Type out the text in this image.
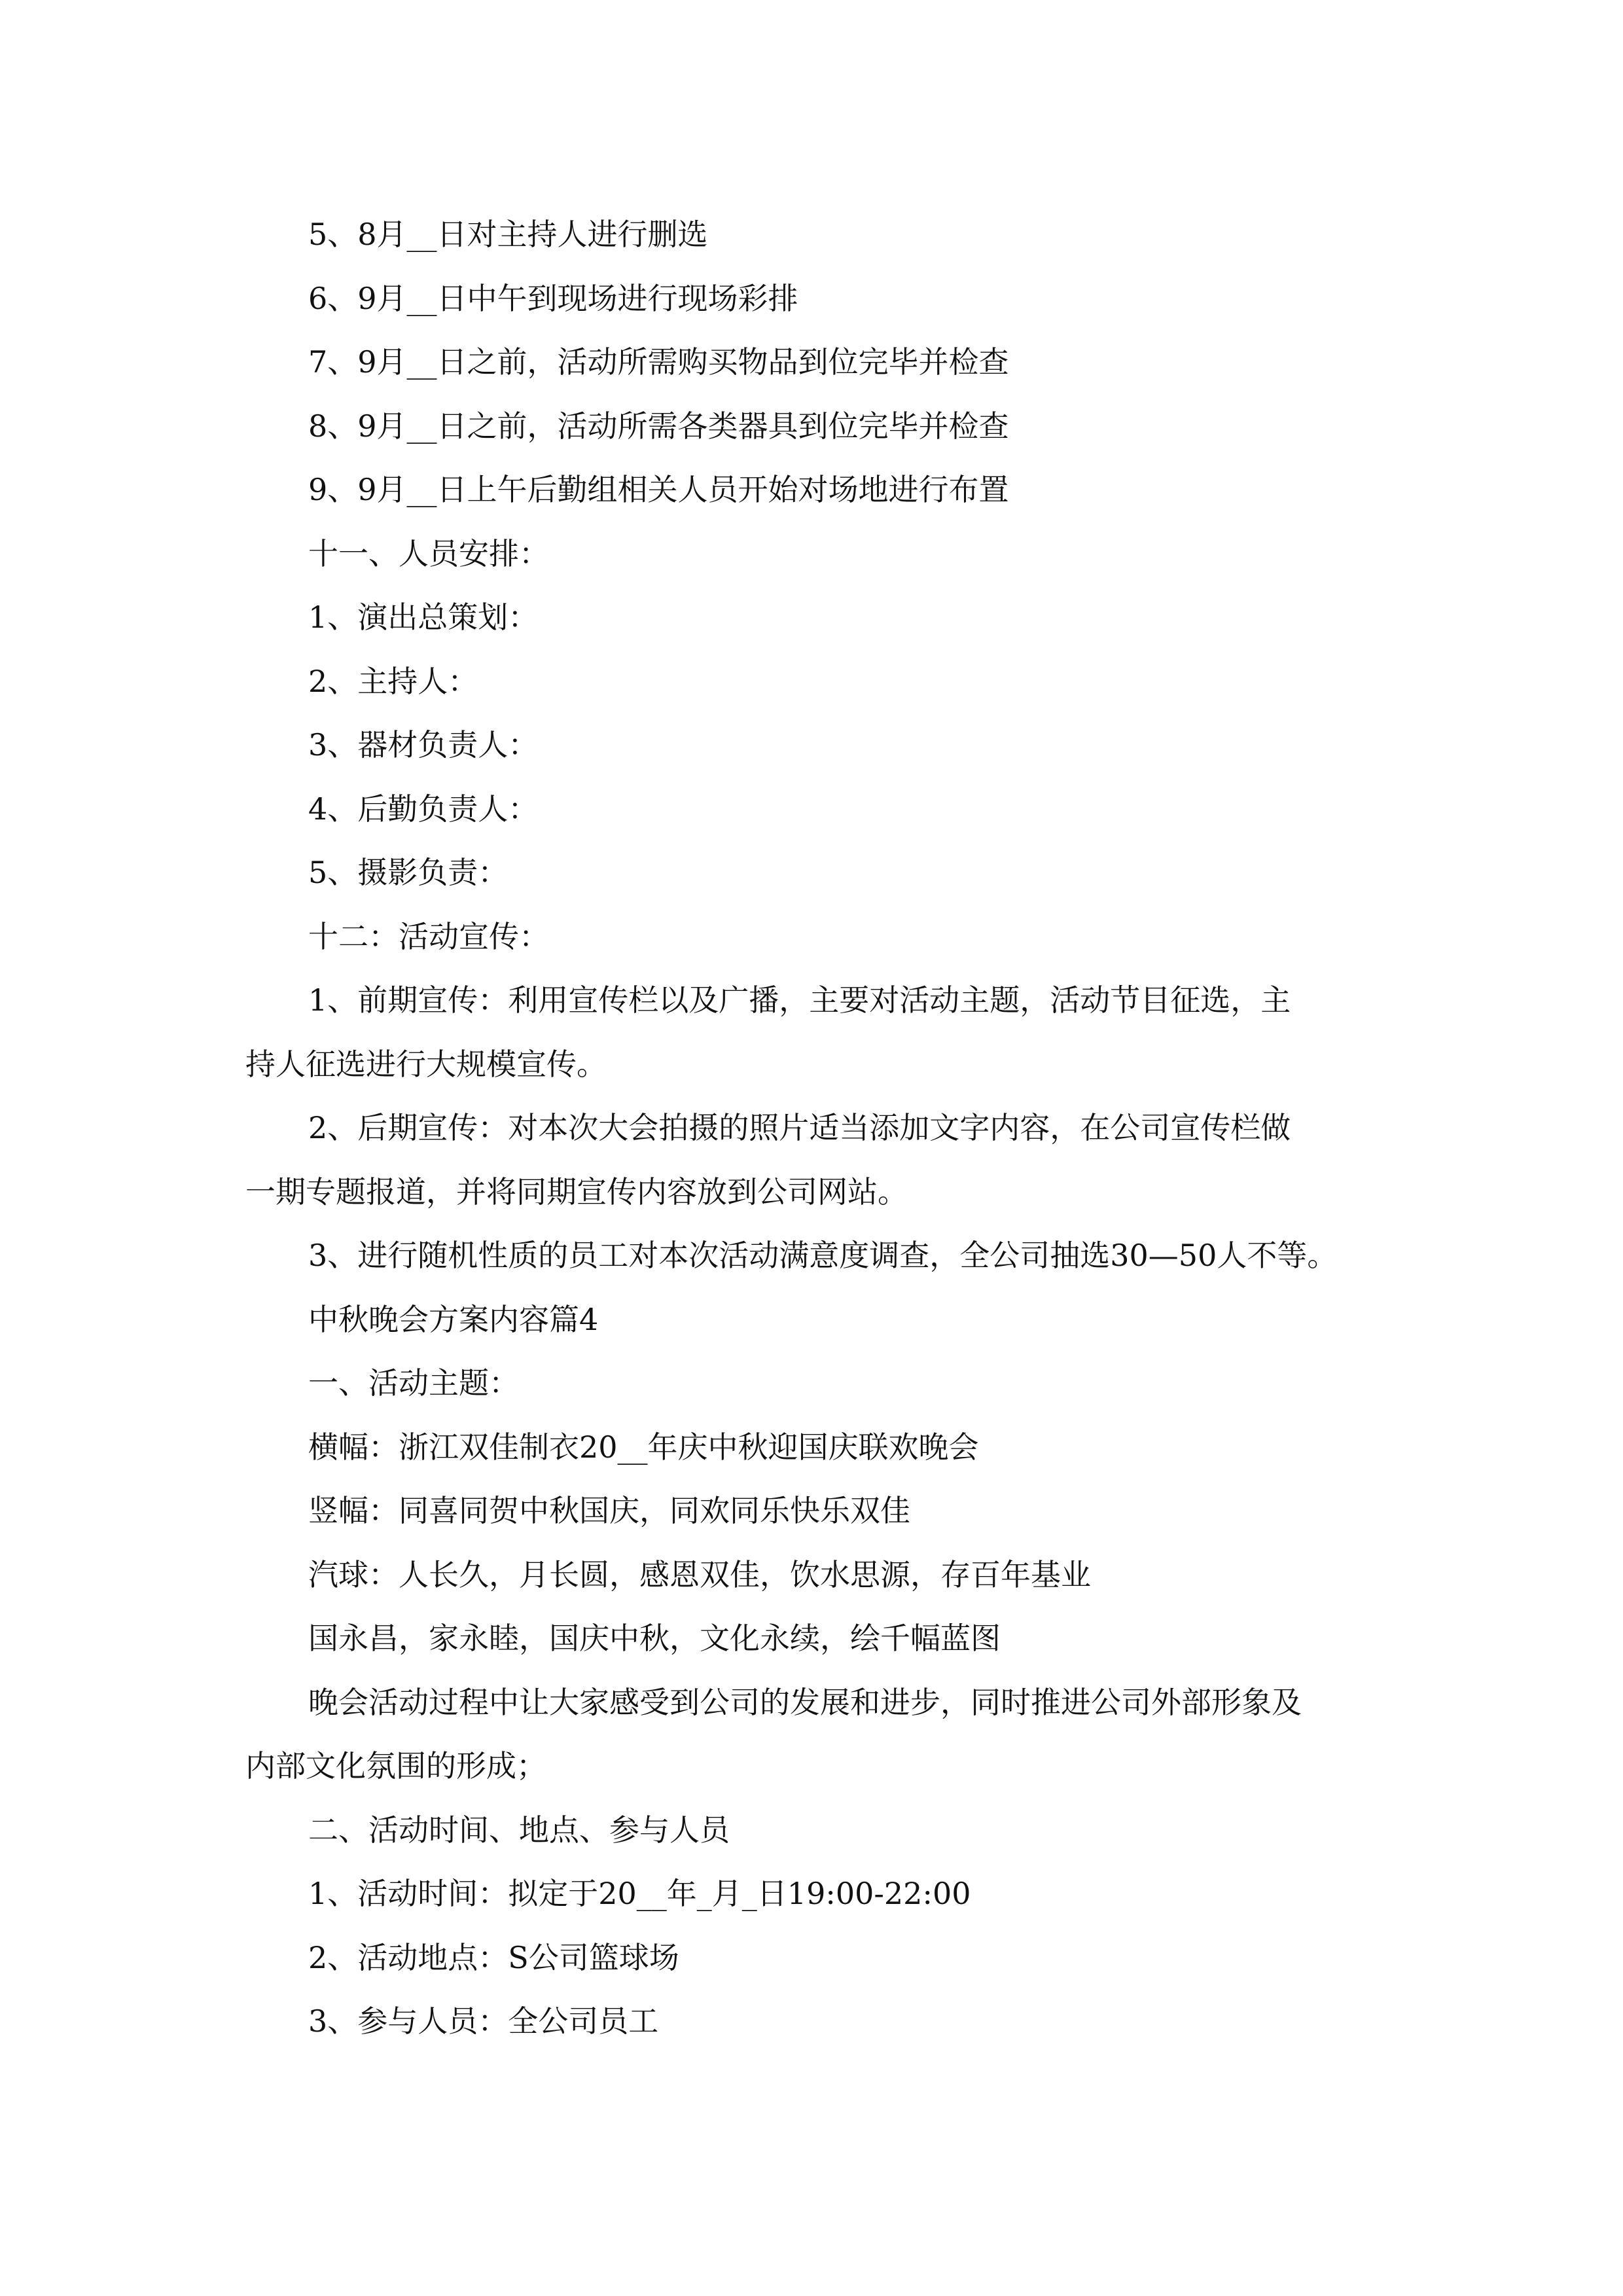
5、8月__日对主持人进行删选
6、9月__日中午到现场进行现场彩排
7、9月__日之前，活动所需购买物品到位完毕并检查
8、9月__日之前，活动所需各类器具到位完毕并检查
9、9月__日上午后勤组相关人员开始对场地进行布置
十一、人员安排：
1、演出总策划：
2、主持人：
3、器材负责人：
4、后勤负责人：
5、摄影负责：
十二：活动宣传：
1、前期宣传：利用宣传栏以及广播，主要对活动主题，活动节目征选，主
持人征选进行大规模宣传。
2、后期宣传：对本次大会拍摄的照片适当添加文字内容，在公司宣传栏做
一期专题报道，并将同期宣传内容放到公司网站。
3、进行随机性质的员工对本次活动满意度调查，全公司抽选30—50人不等。
中秋晚会方案内容篇4
一、活动主题：
横幅：浙江双佳制衣20__年庆中秋迎国庆联欢晚会
竖幅：同喜同贺中秋国庆，同欢同乐快乐双佳
汽球：人长久，月长圆，感恩双佳，饮水思源，存百年基业
国永昌，家永睦，国庆中秋，文化永续，绘千幅蓝图
晚会活动过程中让大家感受到公司的发展和进步，同时推进公司外部形象及
内部文化氛围的形成；
二、活动时间、地点、参与人员
1、活动时间：拟定于20__年_月_日19:00-22:00
2、活动地点：S公司篮球场
3、参与人员：全公司员工
